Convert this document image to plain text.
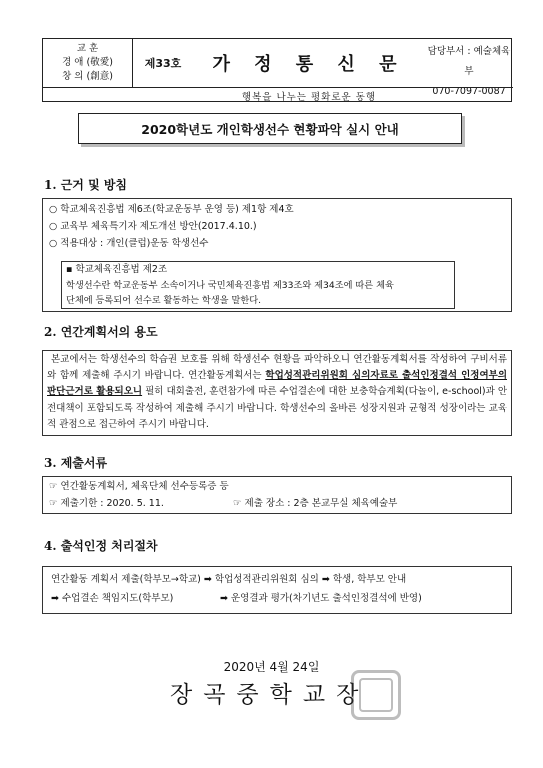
교 훈
경 애 (敬愛)
창 의 (創意)
제33호	가 정 통 신 문
담당부서 : 예술체육부
070-7097-0087
행복을 나누는 평화로운 동행
2020학년도 개인학생선수 현황파악 실시 안내
1. 근거 및 방침
○ 학교체육진흥법 제6조(학교운동부 운영 등) 제1항 제4호
○ 교육부 체육특기자 제도개선 방안(2017.4.10.)
○ 적용대상 : 개인(클럽)운동 학생선수
▪ 학교체육진흥법 제2조
학생선수란 학교운동부 소속이거나 국민체육진흥법 제33조와 제34조에 따른 체육
단체에 등록되어 선수로 활동하는 학생을 말한다.
2. 연간계획서의 용도
본교에서는 학생선수의 학습권 보호를 위해 학생선수 현황을 파악하오니 연간활동계획서를 작성하여 구비서류와 함께 제출해 주시기 바랍니다. 연간활동계획서는 학업성적관리위원회 심의자료로 출석인정결석 인정여부의 판단근거로 활용되오니 필히 대회출전, 훈련참가에 따른 수업결손에 대한 보충학습계획(다놀이, e-school)과 안전대책이 포함되도록 작성하여 제출해 주시기 바랍니다. 학생선수의 올바른 성장지원과 균형적 성장이라는 교육적 관점으로 접근하여 주시기 바랍니다.
3. 제출서류
☞ 연간활동계획서, 체육단체 선수등록증 등
☞ 제출기한 : 2020. 5. 11.	☞ 제출 장소 : 2층 본교무실 체육예술부
4. 출석인정 처리절차
연간활동 계획서 제출(학부모→학교) ➡ 학업성적관리위원회 심의 ➡ 학생, 학부모 안내
➡ 수업결손 책임지도(학부모)	➡ 운영결과 평가(차기년도 출석인정결석에 반영)
2020년 4월 24일
장곡중학교장
